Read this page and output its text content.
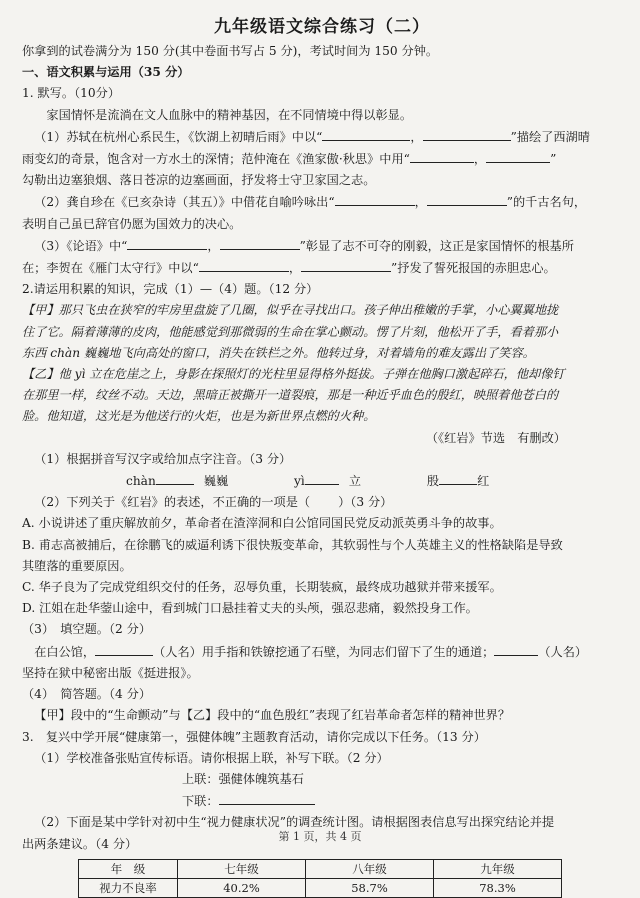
九年级语文综合练习（二）
你拿到的试卷满分为 150 分(其中卷面书写占 5 分)，考试时间为 150 分钟。
一、语文积累与运用（35 分）
1. 默写。（10分）
家国情怀是流淌在文人血脉中的精神基因，在不同情境中得以彰显。
（1）苏轼在杭州心系民生，《饮湖上初晴后雨》中以“	，	”描绘了西湖晴
雨变幻的奇景，饱含对一方水土的深情；范仲淹在《渔家傲·秋思》中用“	，	”
勾勒出边塞狼烟、落日苍凉的边塞画面，抒发将士守卫家国之志。
（2）龚自珍在《已亥杂诗（其五）》中借花自喻吟咏出“	，	”的千古名句，
表明自己虽已辞官仍愿为国效力的决心。
（3）《论语》中“	，	”彰显了志不可夺的刚毅，这正是家国情怀的根基所
在；李贺在《雁门太守行》中以“	，	”抒发了誓死报国的赤胆忠心。
2.请运用积累的知识，完成（1）—（4）题。（12 分）
【甲】那只飞虫在狭窄的牢房里盘旋了几圈，似乎在寻找出口。孩子伸出稚嫩的手掌，小心翼翼地拢
住了它。隔着薄薄的皮肉，他能感觉到那微弱的生命在掌心颤动。愣了片刻，他松开了手，看着那小
东西 chàn 巍巍地飞向高处的窗口，消失在铁栏之外。他转过身，对着墙角的难友露出了笑容。
【乙】他 yì 立在危崖之上，身影在探照灯的光柱里显得格外挺拔。子弹在他胸口激起碎石，他却像钉
在那里一样，纹丝不动。天边，黑暗正被撕开一道裂痕，那是一种近乎血色的殷红，映照着他苍白的
脸。他知道，这光是为他送行的火炬，也是为新世界点燃的火种。
（《红岩》节选　有删改）
（1）根据拼音写汉字或给加点字注音。（3 分）
chàn	巍巍	yì	立	殷	红
（2）下列关于《红岩》的表述，不正确的一项是（ ）（3 分）
A. 小说讲述了重庆解放前夕，革命者在渣滓洞和白公馆同国民党反动派英勇斗争的故事。
B. 甫志高被捕后，在徐鹏飞的威逼利诱下很快叛变革命，其软弱性与个人英雄主义的性格缺陷是导致
其堕落的重要原因。
C. 华子良为了完成党组织交付的任务，忍辱负重，长期装疯，最终成功越狱并带来援军。
D. 江姐在赴华蓥山途中，看到城门口悬挂着丈夫的头颅，强忍悲痛，毅然投身工作。
（3）　填空题。（2 分）
在白公馆，	（人名）用手指和铁镣挖通了石壁，为同志们留下了生的通道；	（人名）
坚持在狱中秘密出版《挺进报》。
（4）　简答题。（4 分）
【甲】段中的“生命颤动”与【乙】段中的“血色殷红”表现了红岩革命者怎样的精神世界？
3.　复兴中学开展“健康第一，强健体魄”主题教育活动，请你完成以下任务。（13 分）
（1）学校准备张贴宣传标语。请你根据上联，补写下联。（2 分）
上联：强健体魄筑基石
下联：
（2）下面是某中学针对初中生“视力健康状况”的调查统计图。请根据图表信息写出探究结论并提
出两条建议。（4 分）
年　级	七年级	八年级	九年级
视力不良率	40.2%	58.7%	78.3%
第 1 页，共 4 页
